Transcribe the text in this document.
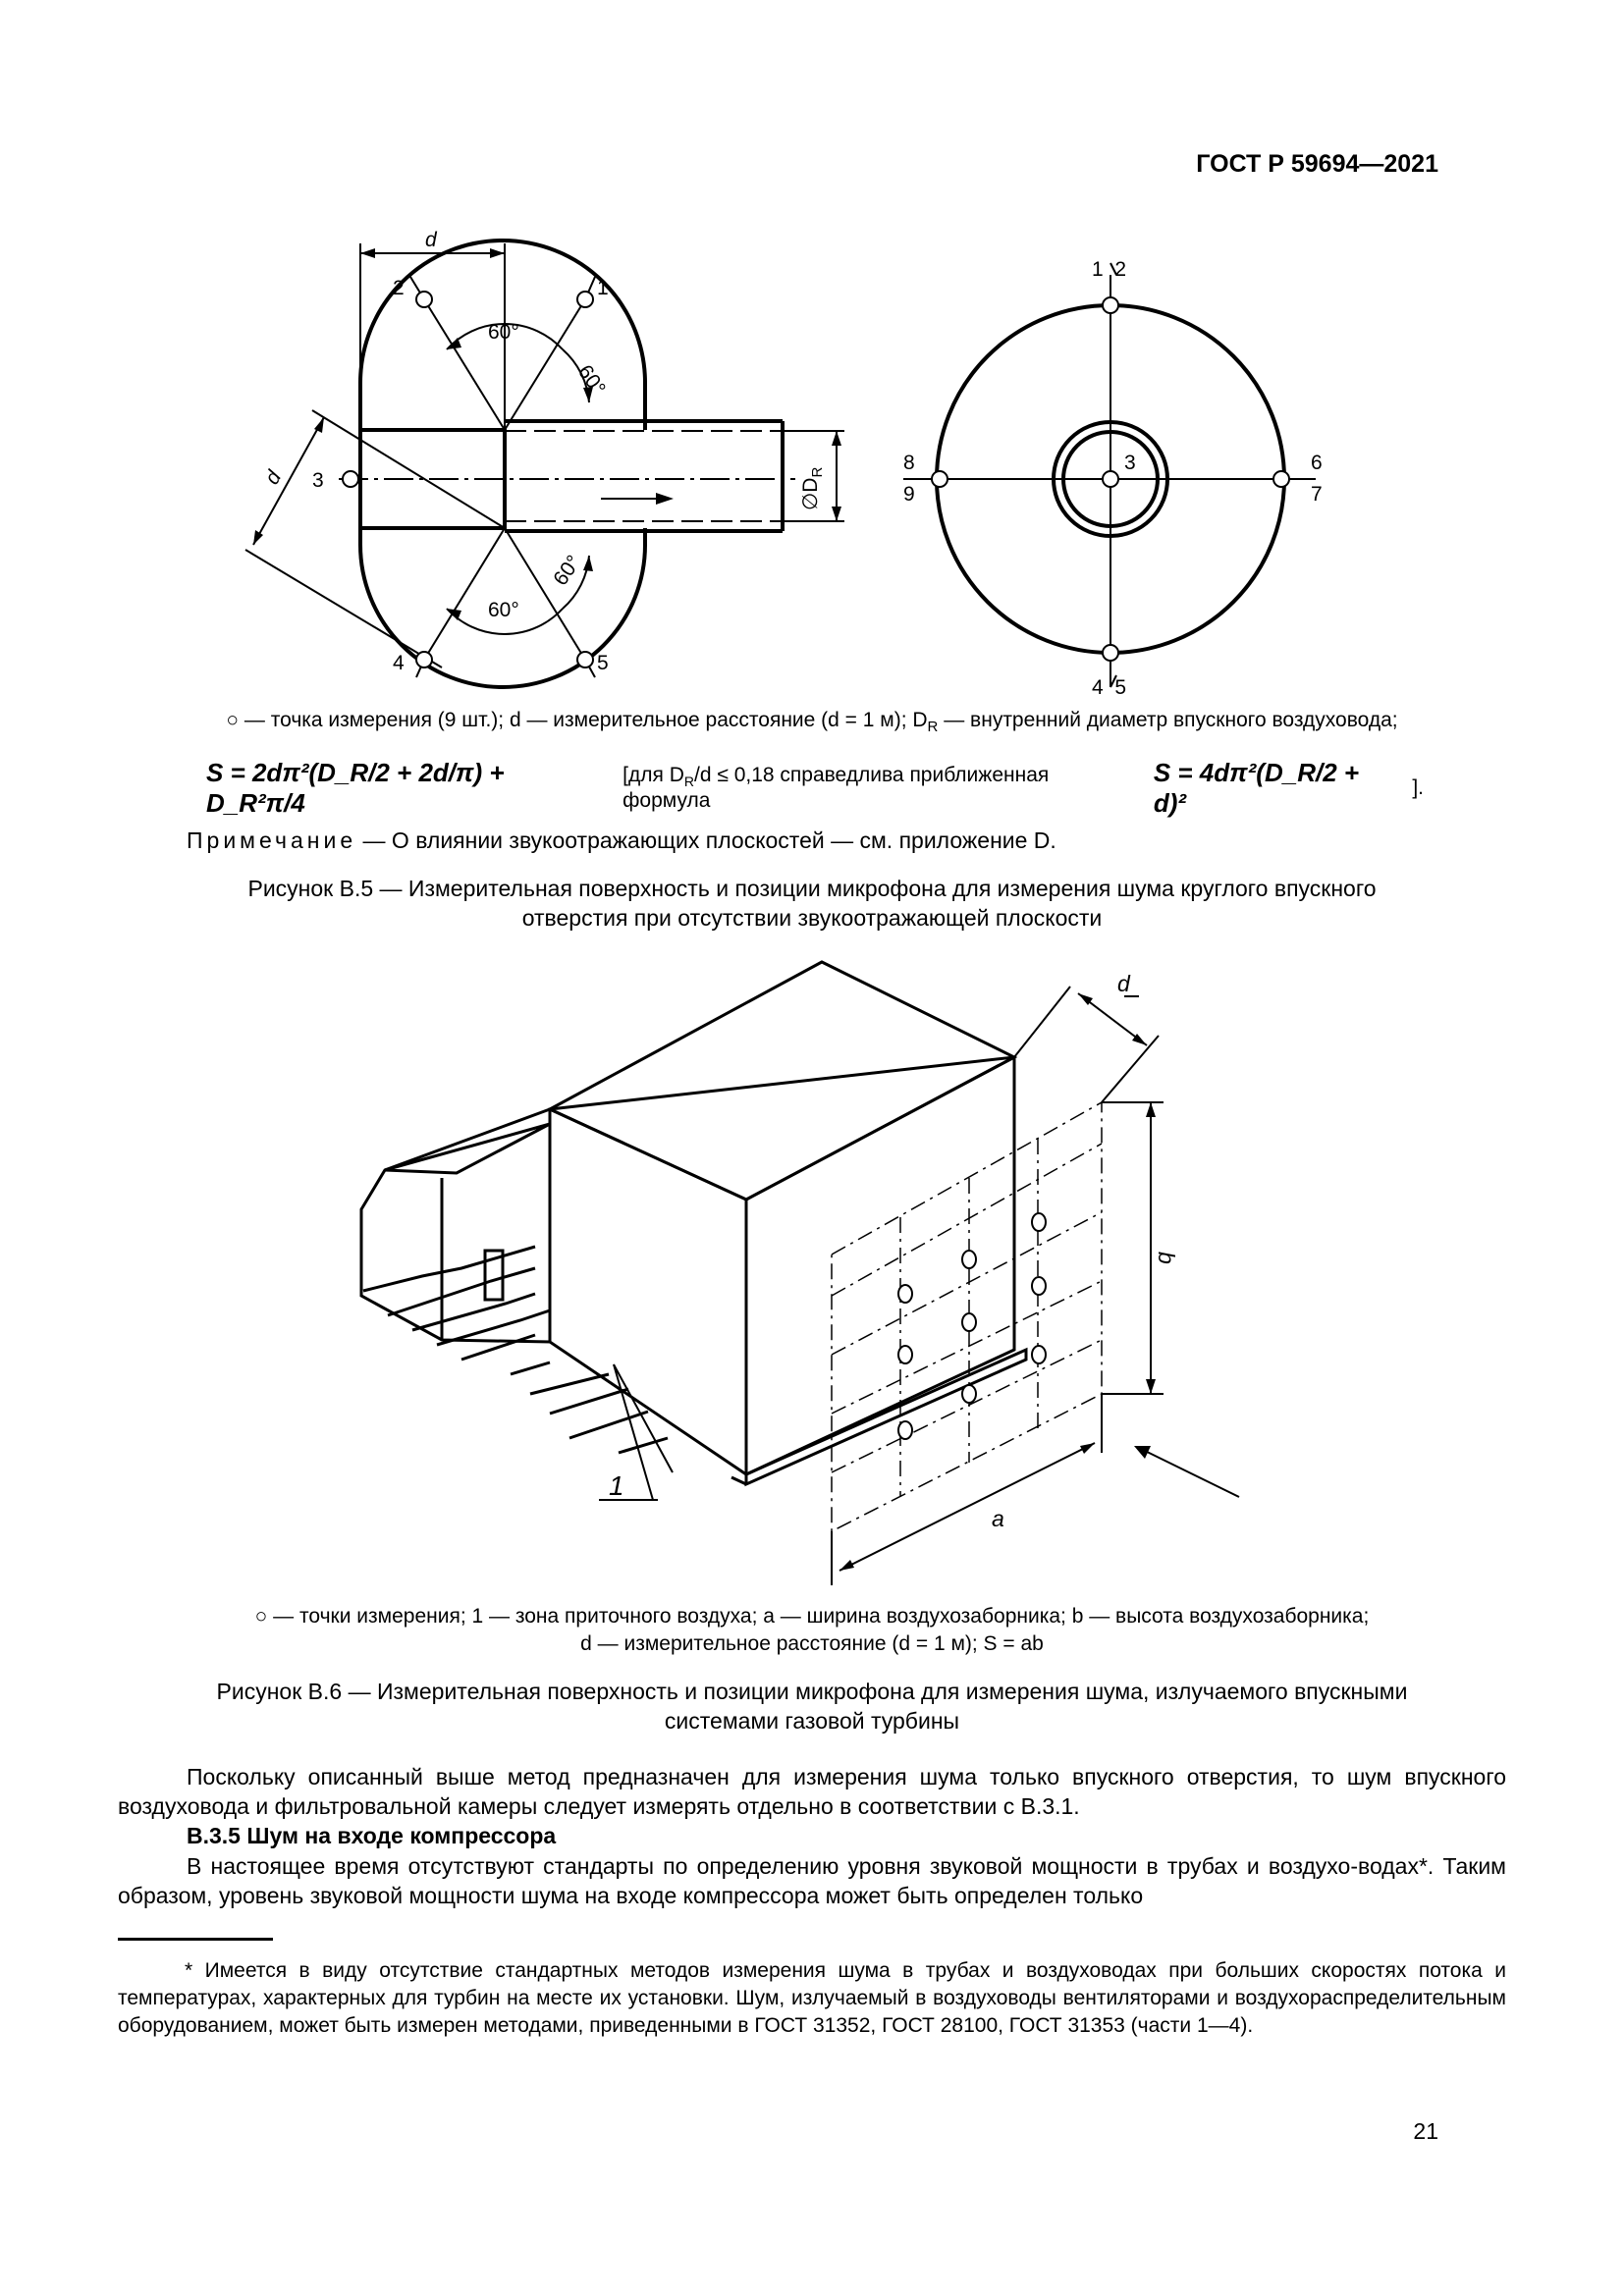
ГОСТ Р 59694—2021
d
d
2	1
3
4	5
60°
60°
60°
60°
$\emptyset D_R$
1  2
3
4  5
8
9
6
7
○ — точка измерения (9 шт.); d — измерительное расстояние (d = 1 м); $D_R$ — внутренний диаметр впускного воздуховода;
S = 2dπ²(D_R/2 + 2d/π) + D_R²π/4
[для $D_R/d \le 0,18$ справедлива приближенная формула
S = 4dπ²(D_R/2 + d)²
].
Примечание — О влиянии звукоотражающих плоскостей — см. приложение D.
Рисунок В.5 — Измерительная поверхность и позиции микрофона для измерения шума круглого впускного
отверстия при отсутствии звукоотражающей плоскости
d
b
a
1
○ — точки измерения; 1 — зона приточного воздуха; a — ширина воздухозаборника; b — высота воздухозаборника;
d — измерительное расстояние (d = 1 м); S = ab
Рисунок В.6 — Измерительная поверхность и позиции микрофона для измерения шума, излучаемого впускными
системами газовой турбины
Поскольку описанный выше метод предназначен для измерения шума только впускного отверстия, то шум впускного воздуховода и фильтровальной камеры следует измерять отдельно в соответствии с В.3.1.
В.3.5 Шум на входе компрессора
В настоящее время отсутствуют стандарты по определению уровня звуковой мощности в трубах и воздухо-водах*. Таким образом, уровень звуковой мощности шума на входе компрессора может быть определен только
* Имеется в виду отсутствие стандартных методов измерения шума в трубах и воздуховодах при больших скоростях потока и температурах, характерных для турбин на месте их установки. Шум, излучаемый в воздуховоды вентиляторами и воздухораспределительным оборудованием, может быть измерен методами, приведенными в ГОСТ 31352, ГОСТ 28100, ГОСТ 31353 (части 1—4).
21
